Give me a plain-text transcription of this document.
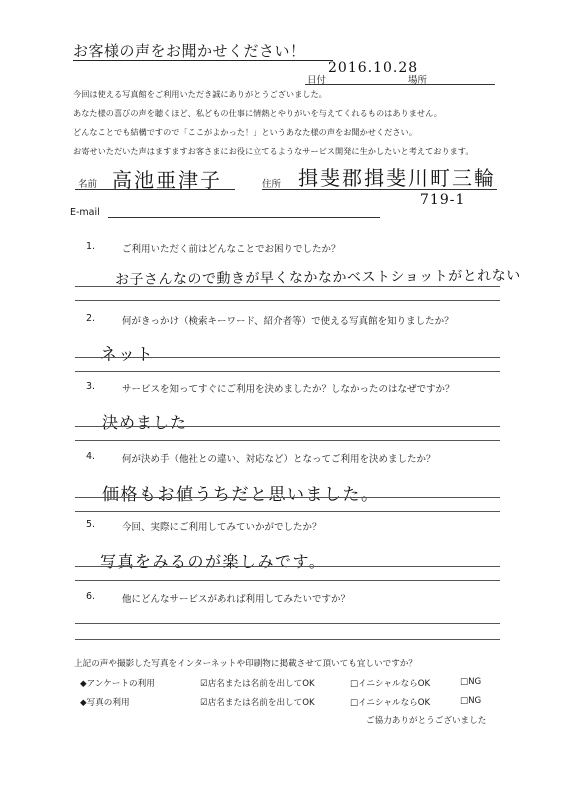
お客様の声をお聞かせください！
日付
2016.10.28
場所
今回は使える写真館をご利用いただき誠にありがとうございました。
あなた様の喜びの声を聴くほど、私どもの仕事に情熱とやりがいを与えてくれるものはありません。
どんなことでも結構ですので「ここがよかった！」というあなた様の声をお聞かせください。
お寄せいただいた声はますますお客さまにお役に立てるようなサービス開発に生かしたいと考えております。
名前 高池亜津子	住所 揖斐郡揖斐川町三輪
719-1
E-mail
1.	ご利用いただく前はどんなことでお困りでしたか？
お子さんなので動きが早くなかなかベストショットがとれない
2.	何がきっかけ（検索キーワード、紹介者等）で使える写真館を知りましたか？
ネット
3.	サービスを知ってすぐにご利用を決めましたか？しなかったのはなぜですか？
決めました
4.	何が決め手（他社との違い、対応など）となってご利用を決めましたか？
価格もお値うちだと思いました。
5.	今回、実際にご利用してみていかがでしたか？
写真をみるのが楽しみです。
6.	他にどんなサービスがあれば利用してみたいですか？
上記の声や撮影した写真をインターネットや印刷物に掲載させて頂いても宜しいですか？
◆アンケートの利用	☑店名または名前を出してOK	□イニシャルならOK	□NG
◆写真の利用	☑店名または名前を出してOK	□イニシャルならOK	□NG
ご協力ありがとうございました
